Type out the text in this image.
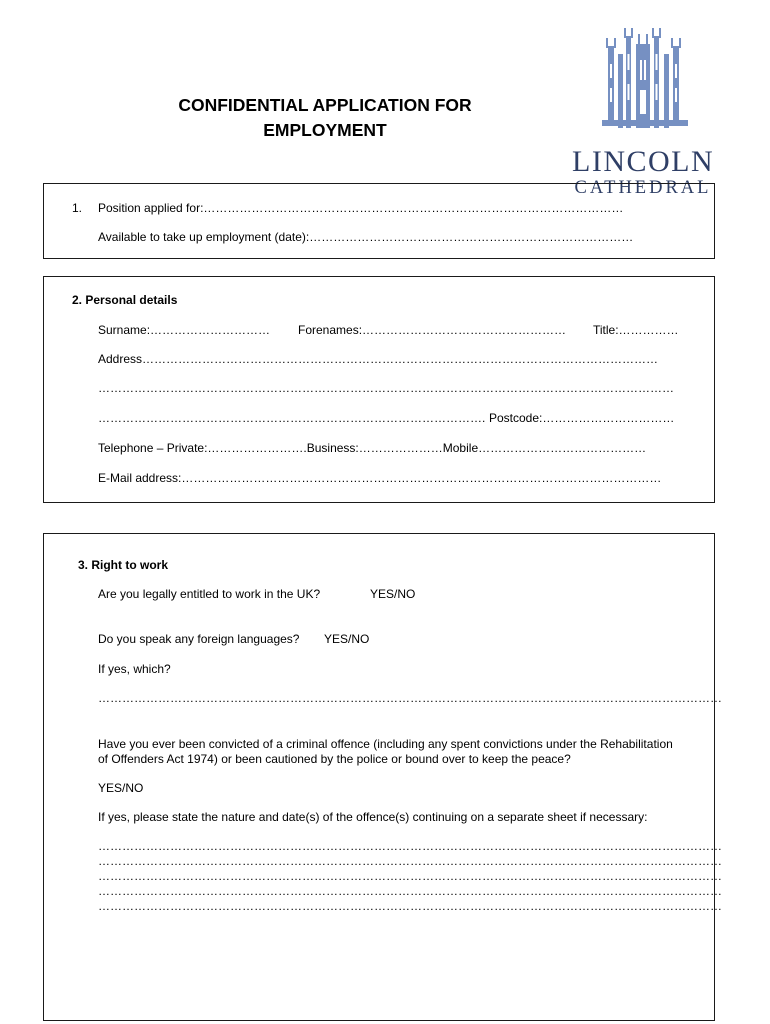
CONFIDENTIAL APPLICATION FOR
EMPLOYMENT
LINCOLN
CATHEDRAL
1. Position applied for:……………………………………………………………………………………………
Available to take up employment (date):………………………………………………………………………
2. Personal details
Surname:………………………… Forenames:…………………………………………… Title:……………
Address…………………………………………………………………………………………………………………
………………………………………………………………………………………………………………………………
……………………………………………………………………………………. Postcode:……………………………
Telephone – Private:…………………….Business:…………………Mobile……………………………………
E-Mail address:…………………………………………………………………………………………………………
3. Right to work
Are you legally entitled to work in the UK?	YES/NO
Do you speak any foreign languages? YES/NO
If yes, which?
…………………………………………………………………………………………………………………………………………
Have you ever been convicted of a criminal offence (including any spent convictions under the Rehabilitation
of Offenders Act 1974) or been cautioned by the police or bound over to keep the peace?
YES/NO
If yes, please state the nature and date(s) of the offence(s) continuing on a separate sheet if necessary:
…………………………………………………………………………………………………………………………………………
…………………………………………………………………………………………………………………………………………
…………………………………………………………………………………………………………………………………………
…………………………………………………………………………………………………………………………………………
…………………………………………………………………………………………………………………………………………
